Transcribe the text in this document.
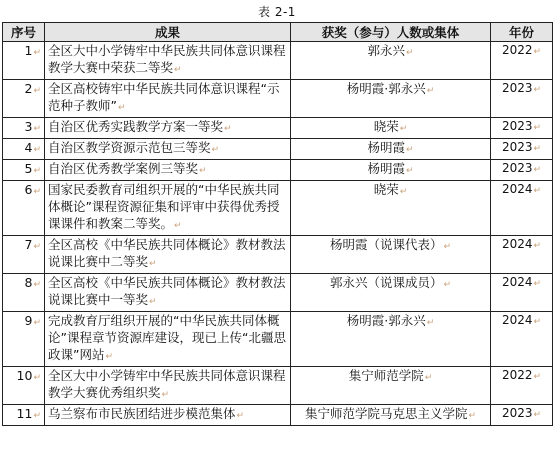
表 2-1
序号	成果	获奖（参与）人数或集体	年份
1↵	全区大中小学铸牢中华民族共同体意识课程教学大赛中荣获二等奖↵	郭永兴↵	2022↵
2↵	全区高校铸牢中华民族共同体意识课程“示范种子教师”↵	杨明霞·郭永兴↵	2023↵
3↵	自治区优秀实践教学方案一等奖↵	晓荣↵	2023↵
4↵	自治区教学资源示范包三等奖↵	杨明霞↵	2023↵
5↵	自治区优秀教学案例三等奖↵	杨明霞↵	2023↵
6↵	国家民委教育司组织开展的“中华民族共同体概论”课程资源征集和评审中获得优秀授课课件和教案二等奖。↵	晓荣↵	2024↵
7↵	全区高校《中华民族共同体概论》教材教法说课比赛中二等奖↵	杨明霞（说课代表）↵	2024↵
8↵	全区高校《中华民族共同体概论》教材教法说课比赛中一等奖↵	郭永兴（说课成员）↵	2024↵
9↵	完成教育厅组织开展的“中华民族共同体概论”课程章节资源库建设，现已上传“北疆思政课”网站↵	杨明霞·郭永兴↵	2024↵
10↵	全区大中小学铸牢中华民族共同体意识课程教学大赛优秀组织奖↵	集宁师范学院↵	2022↵
11↵	乌兰察布市民族团结进步模范集体↵	集宁师范学院马克思主义学院↵	2023↵
